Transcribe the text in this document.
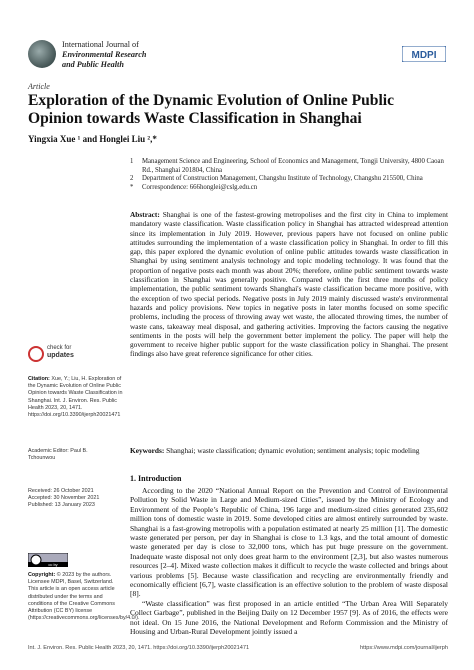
International Journal of
Environmental Research
and Public Health
MDPI
Article
Exploration of the Dynamic Evolution of Online Public Opinion towards Waste Classification in Shanghai
Yingxia Xue ¹ and Honglei Liu ²,*
1	Management Science and Engineering, School of Economics and Management, Tongji University, 4800 Caoan Rd., Shanghai 201804, China
2	Department of Construction Management, Changshu Institute of Technology, Changshu 215500, China
*	Correspondence: 666honglei@cslg.edu.cn
Abstract: Shanghai is one of the fastest-growing metropolises and the first city in China to implement mandatory waste classification. Waste classification policy in Shanghai has attracted widespread attention since its implementation in July 2019. However, previous papers have not focused on online public attitudes surrounding the implementation of a waste classification policy in Shanghai. In order to fill this gap, this paper explored the dynamic evolution of online public attitudes towards waste classification in Shanghai by using sentiment analysis technology and topic modeling technology. It was found that the proportion of negative posts each month was about 20%; therefore, online public sentiment towards waste classification in Shanghai was generally positive. Compared with the first three months of policy implementation, the public sentiment towards Shanghai's waste classification became more positive, with the exception of two special periods. Negative posts in July 2019 mainly discussed waste's environmental hazards and policy provisions. New topics in negative posts in later months focused on some specific problems, including the process of throwing away wet waste, the allocated throwing times, the number of waste cans, takeaway meal disposal, and gathering activities. Improving the factors causing the negative sentiments in the posts will help the government better implement the policy. The paper will help the government to receive higher public support for the waste classification policy in Shanghai. The present findings also have great reference significance for other cities.
Keywords: Shanghai; waste classification; dynamic evolution; sentiment analysis; topic modeling
check for
updates
Citation: Xue, Y.; Liu, H. Exploration of the Dynamic Evolution of Online Public Opinion towards Waste Classification in Shanghai. Int. J. Environ. Res. Public Health 2023, 20, 1471. https://doi.org/10.3390/ijerph20021471
Academic Editor: Paul B.
Tchounwou
Received: 26 October 2021
Accepted: 30 November 2021
Published: 13 January 2023
cc by
Copyright: © 2023 by the authors. Licensee MDPI, Basel, Switzerland. This article is an open access article distributed under the terms and conditions of the Creative Commons Attribution (CC BY) license (https://creativecommons.org/licenses/by/4.0/).
1. Introduction

According to the 2020 “National Annual Report on the Prevention and Control of Environmental Pollution by Solid Waste in Large and Medium-sized Cities”, issued by the Ministry of Ecology and Environment of the People’s Republic of China, 196 large and medium-sized cities generated 235,602 million tons of domestic waste in 2019. Some developed cities are almost entirely surrounded by waste. Shanghai is a fast-growing metropolis with a population estimated at nearly 25 million [1]. The domestic waste generated per person, per day in Shanghai is close to 1.3 kgs, and the total amount of domestic waste generated per day is close to 32,000 tons, which has put huge pressure on the government. Inadequate waste disposal not only does great harm to the environment [2,3], but also wastes numerous resources [2–4]. Mixed waste collection makes it difficult to recycle the waste collected and brings about various problems [5]. Because waste classification and recycling are environmentally friendly and economically efficient [6,7], waste classification is an effective solution to the problem of waste disposal [8].

“Waste classification” was first proposed in an article entitled “The Urban Area Will Separately Collect Garbage”, published in the Beijing Daily on 12 December 1957 [9]. As of 2016, the effects were not ideal. On 15 June 2016, the National Development and Reform Commission and the Ministry of Housing and Urban-Rural Development jointly issued a

Int. J. Environ. Res. Public Health 2023, 20, 1471. https://doi.org/10.3390/ijerph20021471	https://www.mdpi.com/journal/ijerph
